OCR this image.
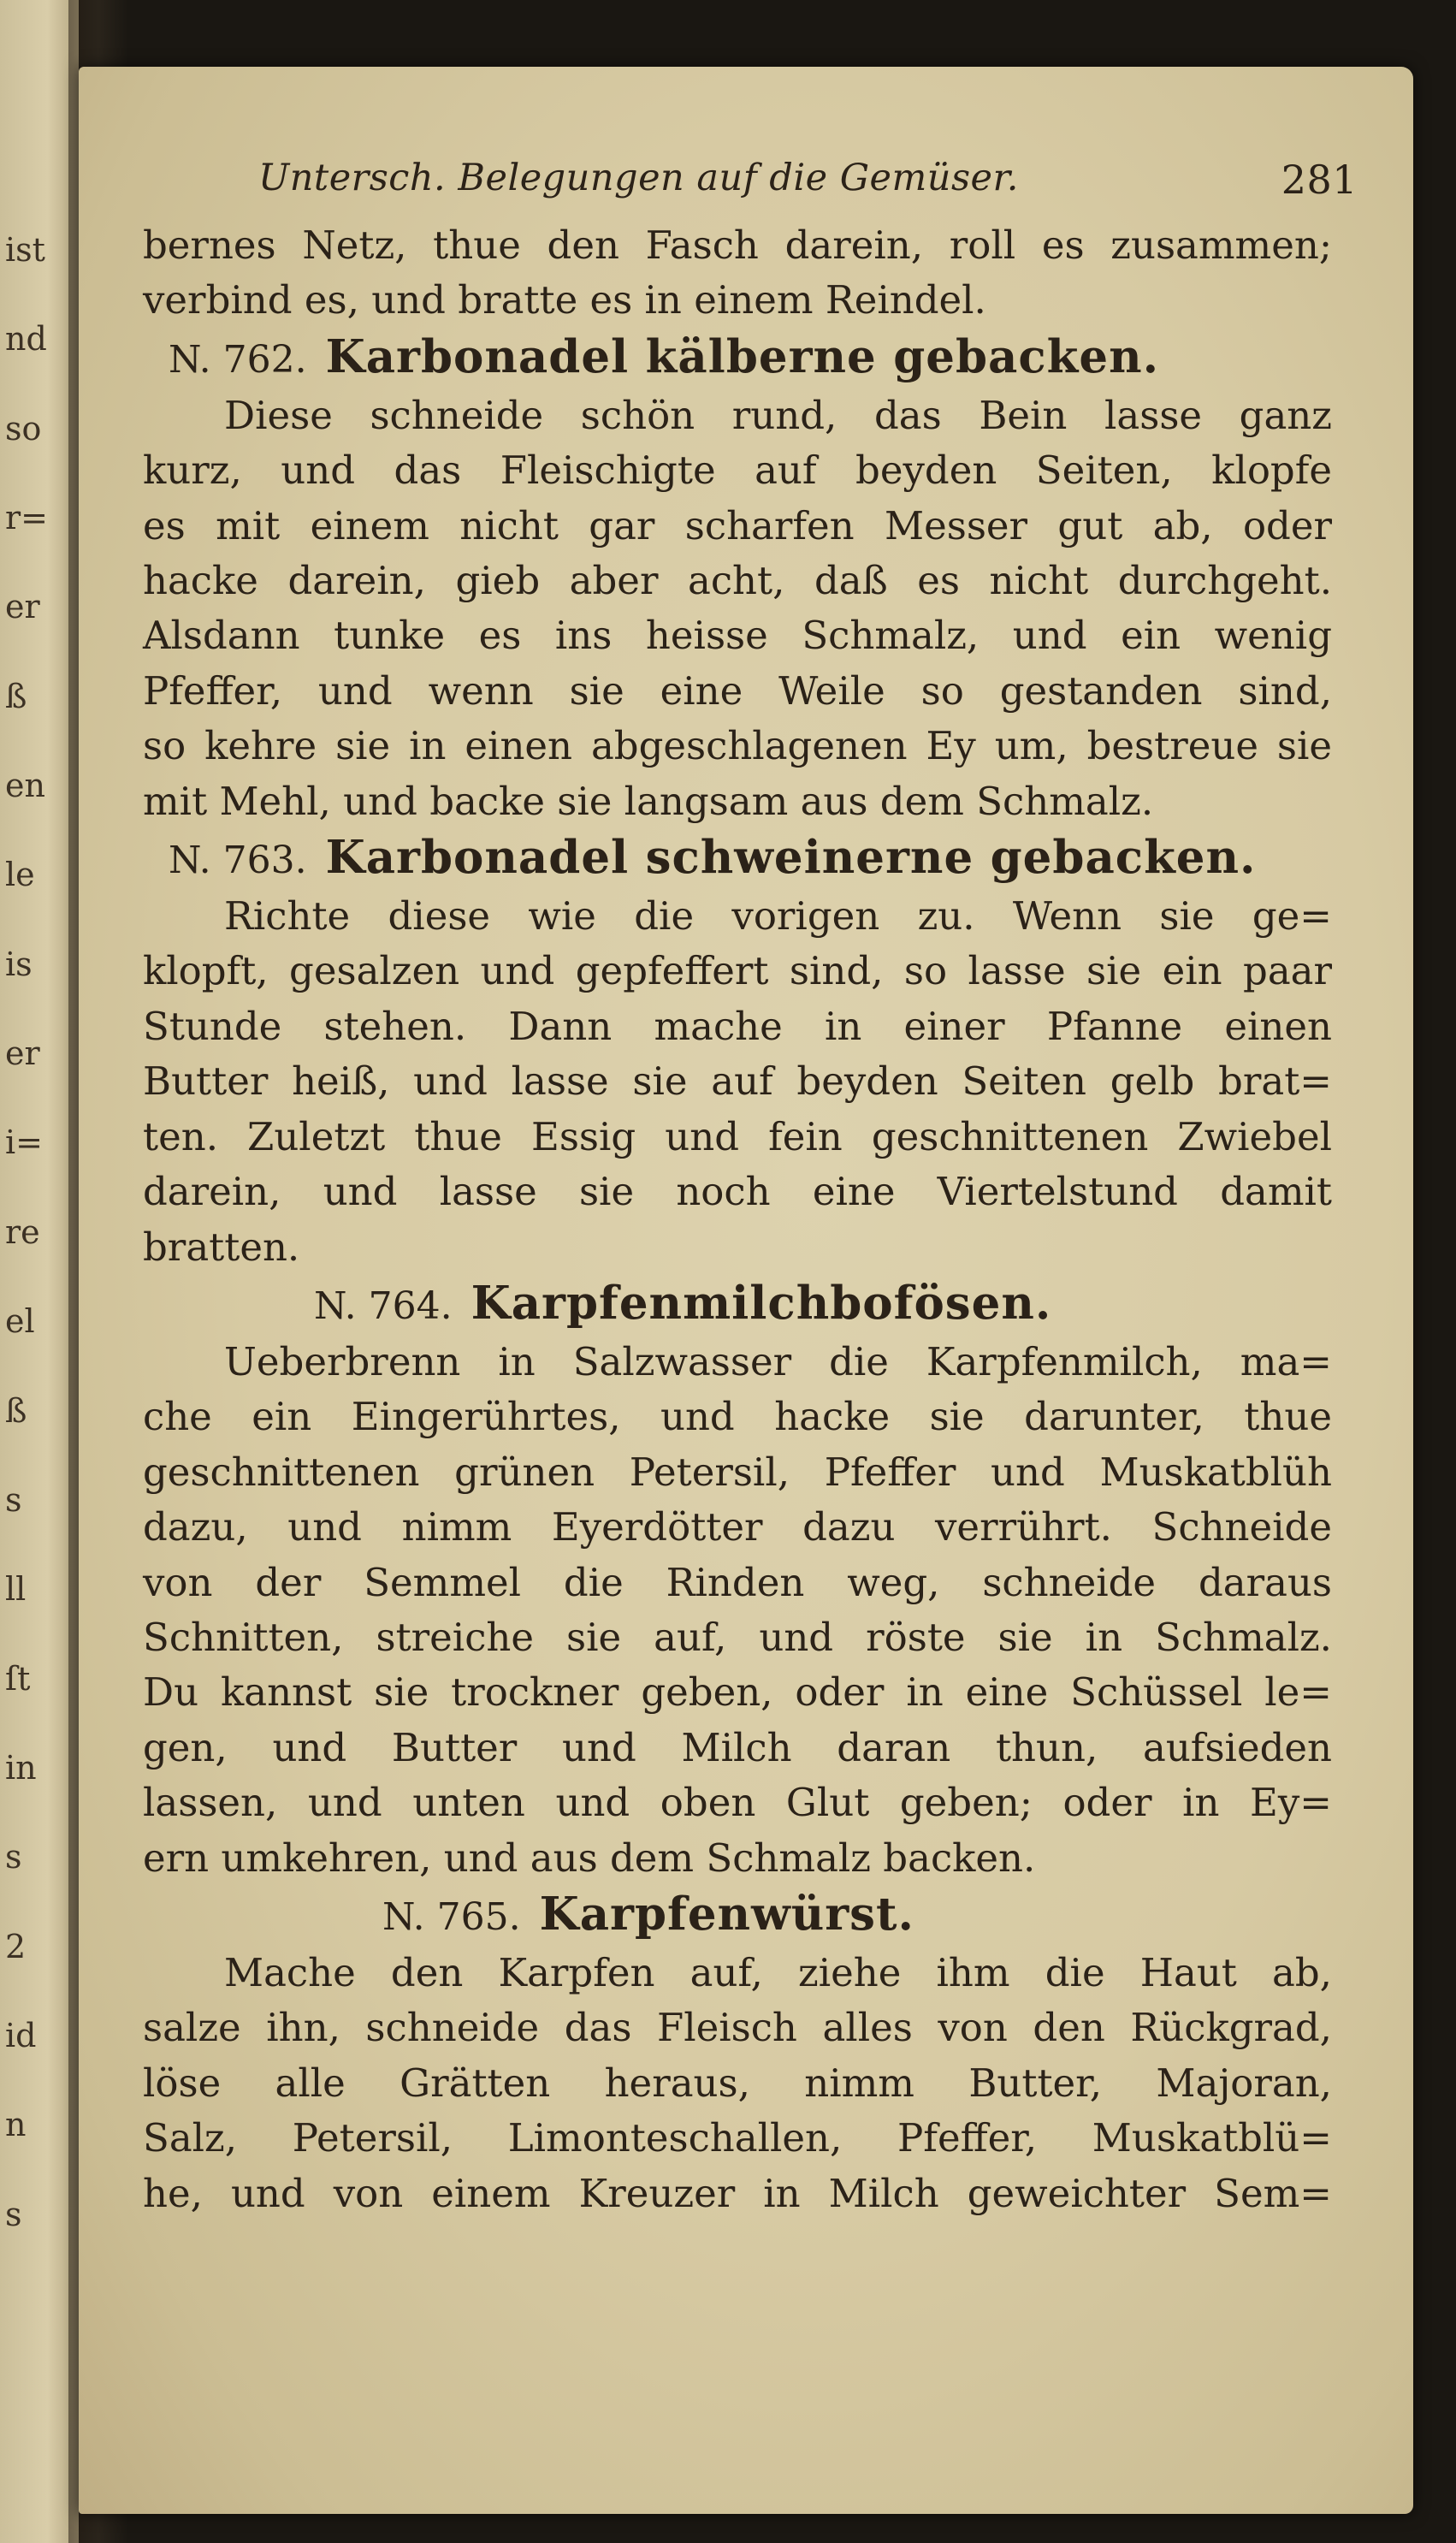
ist
nd
so
r=
er
ß
en
le
is
er
i=
re
el
ß
s
ll
ſt
in
s
2
id
n
s
Untersch. Belegungen auf die Gemüser.	281
bernes Netz, thue den Fasch darein, roll es zusammen;
verbind es, und bratte es in einem Reindel.
N. 762. Karbonadel kälberne gebacken.
Diese schneide schön rund, das Bein lasse ganz
kurz, und das Fleischigte auf beyden Seiten, klopfe
es mit einem nicht gar scharfen Messer gut ab, oder
hacke darein, gieb aber acht, daß es nicht durchgeht.
Alsdann tunke es ins heisse Schmalz, und ein wenig
Pfeffer, und wenn sie eine Weile so gestanden sind,
so kehre sie in einen abgeschlagenen Ey um, bestreue sie
mit Mehl, und backe sie langsam aus dem Schmalz.
N. 763. Karbonadel schweinerne gebacken.
Richte diese wie die vorigen zu. Wenn sie ge=
klopft, gesalzen und gepfeffert sind, so lasse sie ein paar
Stunde stehen. Dann mache in einer Pfanne einen
Butter heiß, und lasse sie auf beyden Seiten gelb brat=
ten. Zuletzt thue Essig und fein geschnittenen Zwiebel
darein, und lasse sie noch eine Viertelstund damit
bratten.
N. 764. Karpfenmilchbofösen.
Ueberbrenn in Salzwasser die Karpfenmilch, ma=
che ein Eingerührtes, und hacke sie darunter, thue
geschnittenen grünen Petersil, Pfeffer und Muskatblüh
dazu, und nimm Eyerdötter dazu verrührt. Schneide
von der Semmel die Rinden weg, schneide daraus
Schnitten, streiche sie auf, und röste sie in Schmalz.
Du kannst sie trockner geben, oder in eine Schüssel le=
gen, und Butter und Milch daran thun, aufsieden
lassen, und unten und oben Glut geben; oder in Ey=
ern umkehren, und aus dem Schmalz backen.
N. 765. Karpfenwürst.
Mache den Karpfen auf, ziehe ihm die Haut ab,
salze ihn, schneide das Fleisch alles von den Rückgrad,
löse alle Grätten heraus, nimm Butter, Majoran,
Salz, Petersil, Limonteschallen, Pfeffer, Muskatblü=
he, und von einem Kreuzer in Milch geweichter Sem=
